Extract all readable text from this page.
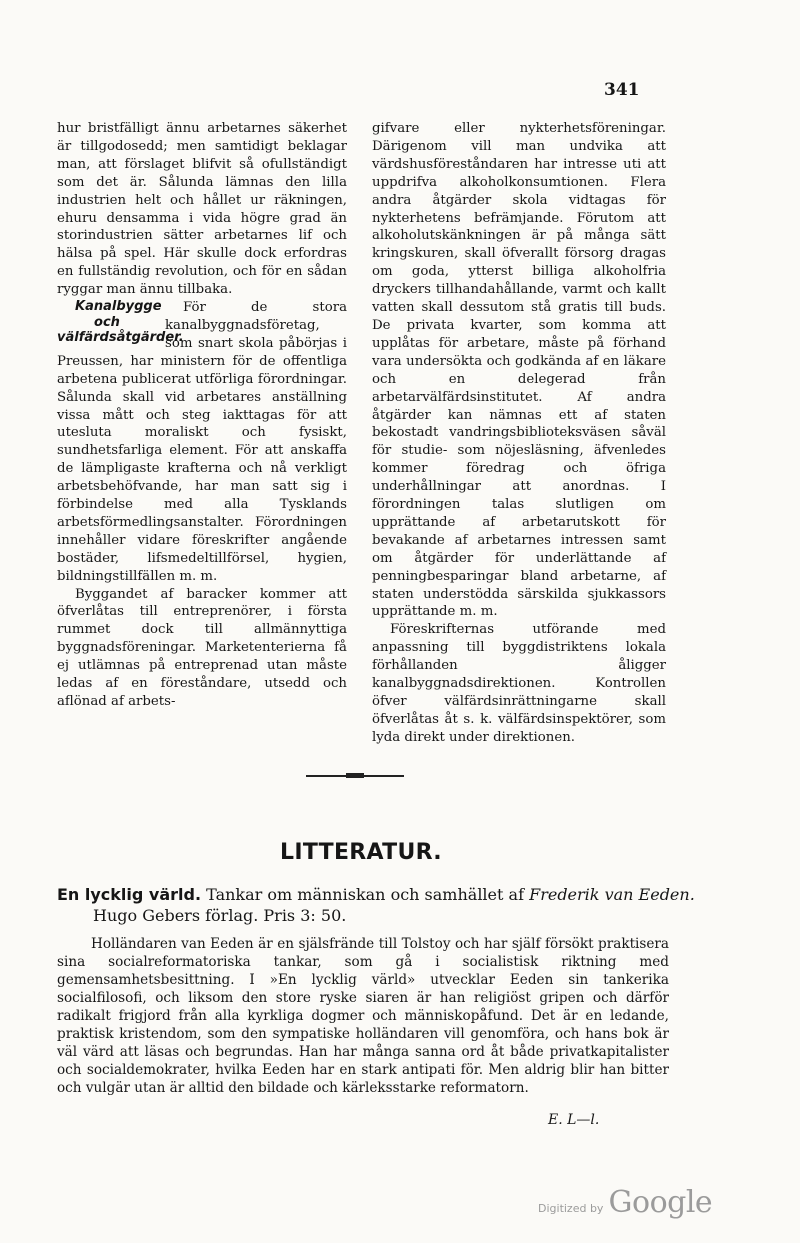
341

hur bristfälligt ännu arbetarnes säkerhet är tillgodosedd; men samtidigt beklagar man, att förslaget blifvit så ofullständigt som det är. Sålunda lämnas den lilla industrien helt och hållet ur räkningen, ehuru densamma i vida högre grad än storindustrien sätter arbetarnes lif och hälsa på spel. Här skulle dock erfordras en fullständig revolution, och för en sådan ryggar man ännu tillbaka.

Kanalbygge och välfärdsåtgärder.
För de stora kanalbyggnadsföretag, som snart skola påbörjas i Preussen, har ministern för de offentliga arbetena publicerat utförliga förordningar. Sålunda skall vid arbetares anställning vissa mått och steg iakttagas för att utesluta moraliskt och fysiskt, sundhetsfarliga element. För att anskaffa de lämpligaste krafterna och nå verkligt arbetsbehöfvande, har man satt sig i förbindelse med alla Tysklands arbetsförmedlingsanstalter. Förordningen innehåller vidare föreskrifter angående bostäder, lifsmedeltillförsel, hygien, bildningstillfällen m. m.

Byggandet af baracker kommer att öfverlåtas till entreprenörer, i första rummet dock till allmännyttiga byggnadsföreningar. Marketenterierna få ej utlämnas på entreprenad utan måste ledas af en föreståndare, utsedd och aflönad af arbets-

gifvare eller nykterhetsföreningar. Därigenom vill man undvika att värdshusföreståndaren har intresse uti att uppdrifva alkoholkonsumtionen. Flera andra åtgärder skola vidtagas för nykterhetens befrämjande. Förutom att alkoholutskänkningen är på många sätt kringskuren, skall öfverallt försorg dragas om goda, ytterst billiga alkoholfria dryckers tillhandahållande, varmt och kallt vatten skall dessutom stå gratis till buds. De privata kvarter, som komma att upplåtas för arbetare, måste på förhand vara undersökta och godkända af en läkare och en delegerad från arbetarvälfärdsinstitutet. Af andra åtgärder kan nämnas ett af staten bekostadt vandringsbiblioteksväsen såväl för studie- som nöjesläsning, äfvenledes kommer föredrag och öfriga underhållningar att anordnas. I förordningen talas slutligen om upprättande af arbetarutskott för bevakande af arbetarnes intressen samt om åtgärder för underlättande af penningbesparingar bland arbetarne, af staten understödda särskilda sjukkassors upprättande m. m.

Föreskrifternas utförande med anpassning till byggdistriktens lokala förhållanden åligger kanalbyggnadsdirektionen. Kontrollen öfver välfärdsinrättningarne skall öfverlåtas åt s. k. välfärdsinspektörer, som lyda direkt under direktionen.

LITTERATUR.
En lycklig värld. Tankar om människan och samhället af Frederik van Eeden. Hugo Gebers förlag. Pris 3: 50.

Holländaren van Eeden är en själsfrände till Tolstoy och har själf försökt praktisera sina socialreformatoriska tankar, som gå i socialistisk riktning med gemensamhetsbesittning. I »En lycklig värld» utvecklar Eeden sin tankerika socialfilosofi, och liksom den store ryske siaren är han religiöst gripen och därför radikalt frigjord från alla kyrkliga dogmer och människopåfund. Det är en ledande, praktisk kristendom, som den sympatiske holländaren vill genomföra, och hans bok är väl värd att läsas och begrundas. Han har många sanna ord åt både privatkapitalister och socialdemokrater, hvilka Eeden har en stark antipati för. Men aldrig blir han bitter och vulgär utan är alltid den bildade och kärleksstarke reformatorn.

E. L—l.
Digitized by Google
